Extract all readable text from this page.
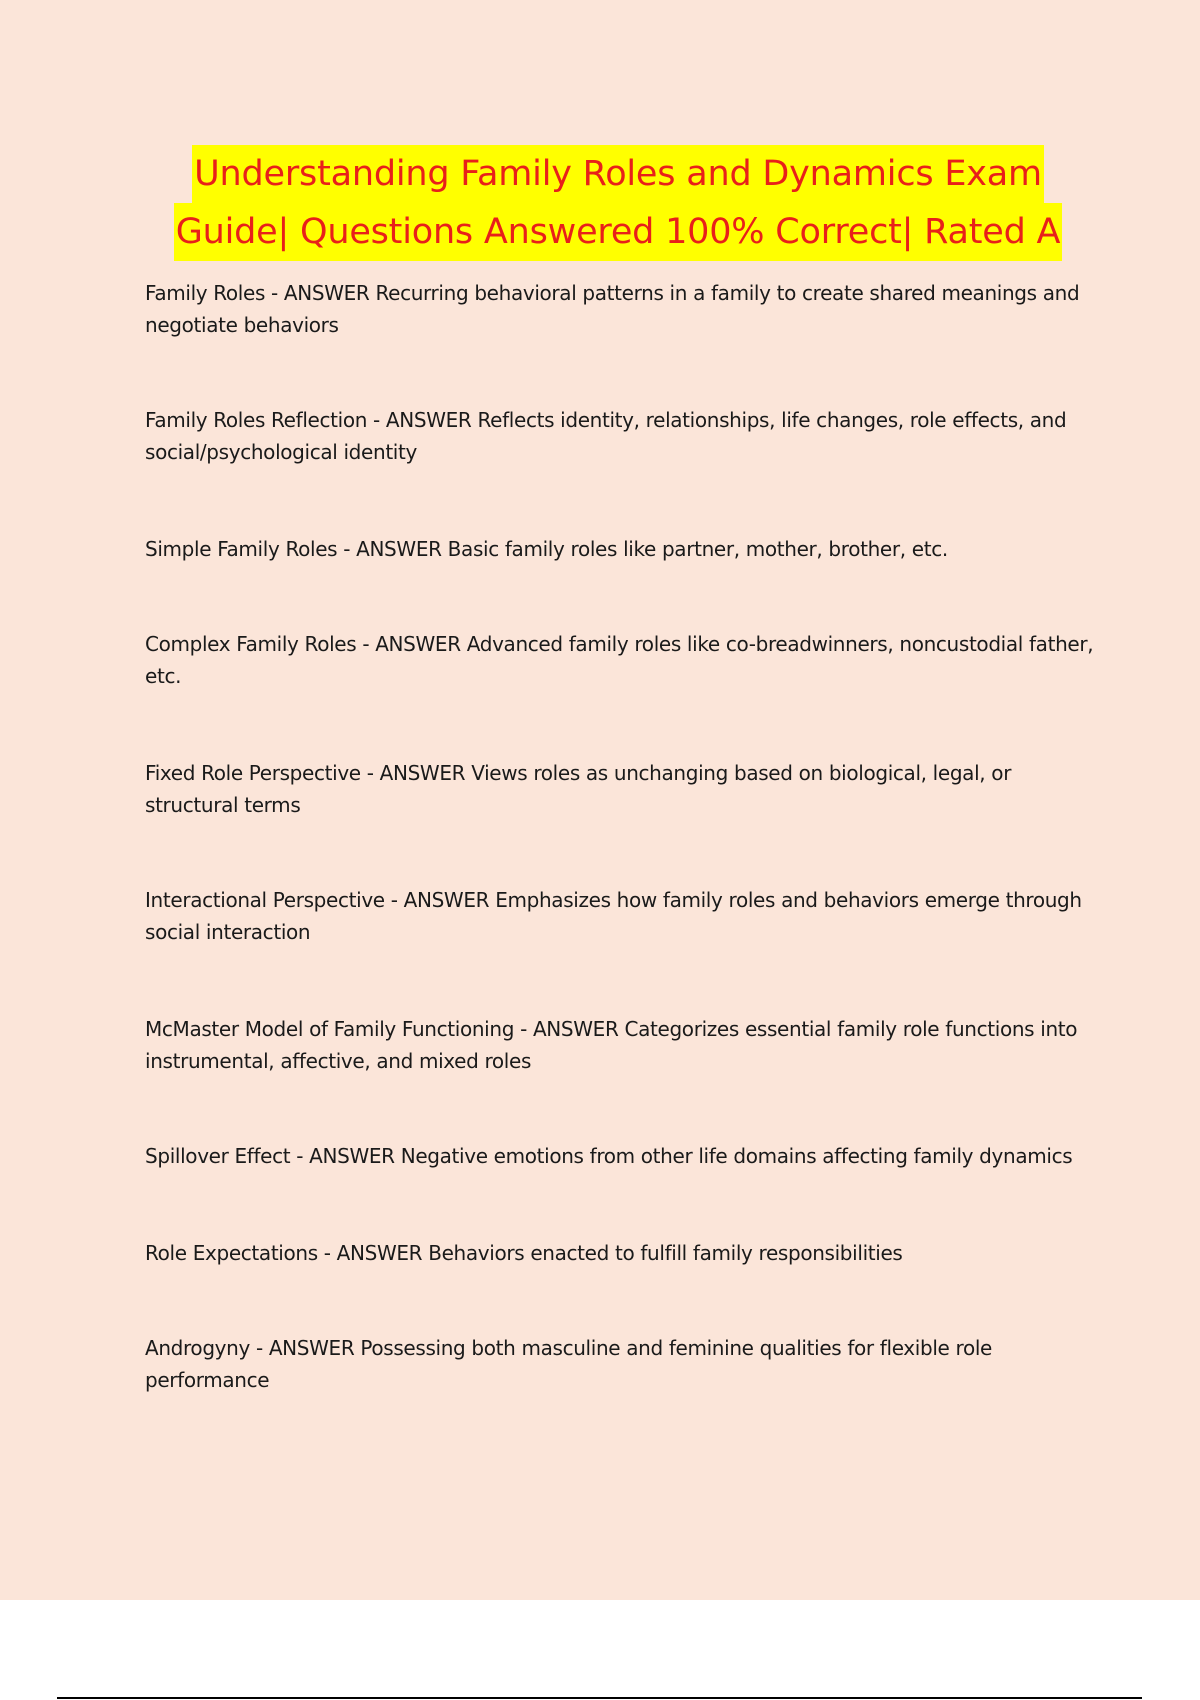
Understanding Family Roles and Dynamics Exam
Guide| Questions Answered 100% Correct| Rated A
Family Roles - ANSWER Recurring behavioral patterns in a family to create shared meanings and negotiate behaviors
Family Roles Reflection - ANSWER Reflects identity, relationships, life changes, role effects, and social/psychological identity
Simple Family Roles - ANSWER Basic family roles like partner, mother, brother, etc.
Complex Family Roles - ANSWER Advanced family roles like co-breadwinners, noncustodial father, etc.
Fixed Role Perspective - ANSWER Views roles as unchanging based on biological, legal, or structural terms
Interactional Perspective - ANSWER Emphasizes how family roles and behaviors emerge through social interaction
McMaster Model of Family Functioning - ANSWER Categorizes essential family role functions into instrumental, affective, and mixed roles
Spillover Effect - ANSWER Negative emotions from other life domains affecting family dynamics
Role Expectations - ANSWER Behaviors enacted to fulfill family responsibilities
Androgyny - ANSWER Possessing both masculine and feminine qualities for flexible role performance
